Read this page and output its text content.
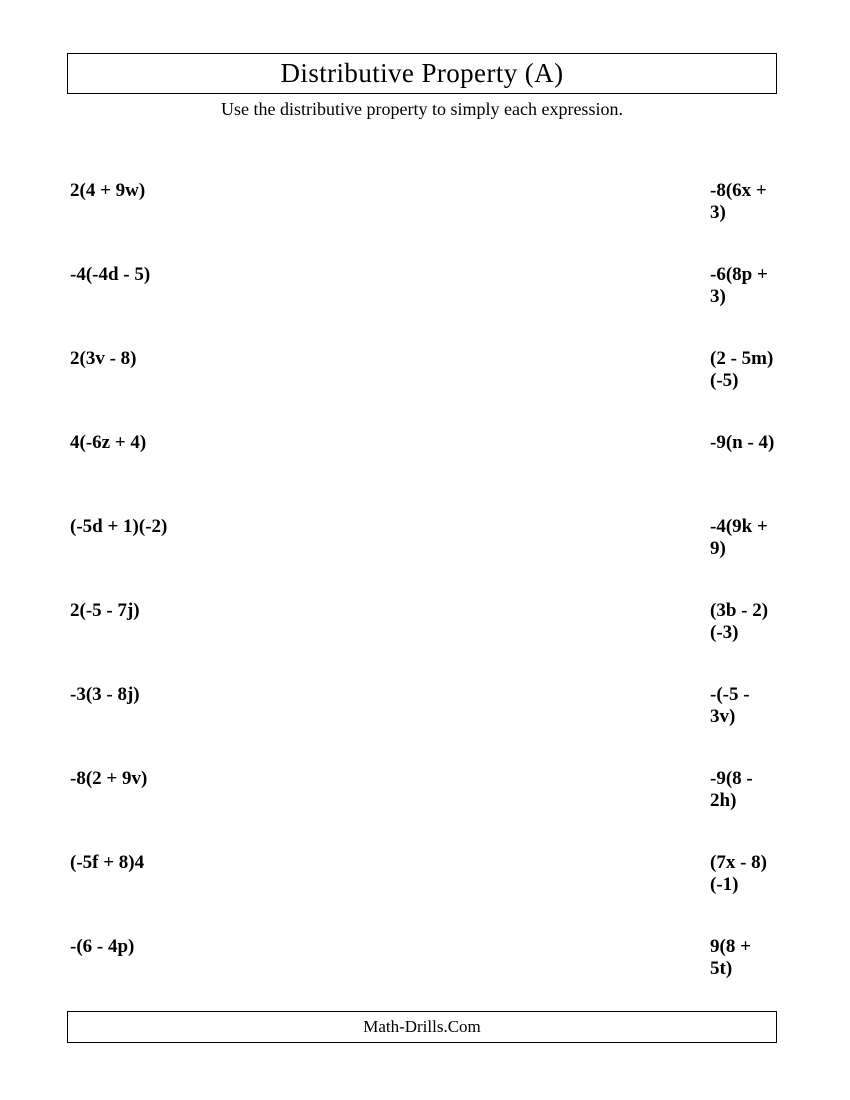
Distributive Property (A)
Use the distributive property to simply each expression.
2(4 + 9w)	-8(6x + 3)
-4(-4d - 5)	-6(8p + 3)
2(3v - 8)	(2 - 5m)(-5)
4(-6z + 4)	-9(n - 4)
(-5d + 1)(-2)	-4(9k + 9)
2(-5 - 7j)	(3b - 2)(-3)
-3(3 - 8j)	-(-5 - 3v)
-8(2 + 9v)	-9(8 - 2h)
(-5f + 8)4	(7x - 8)(-1)
-(6 - 4p)	9(8 + 5t)
Math-Drills.Com
